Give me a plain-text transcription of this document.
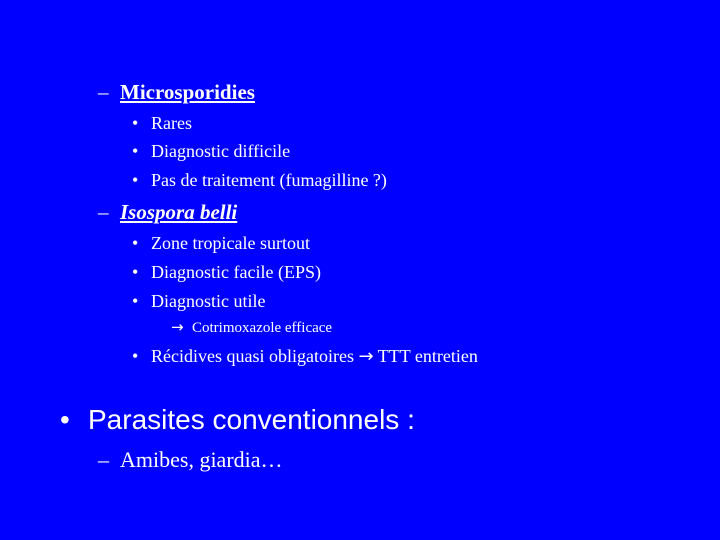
– Microsporidies
• Rares
• Diagnostic difficile
• Pas de traitement (fumagilline ?)
– Isospora belli
• Zone tropicale surtout
• Diagnostic facile (EPS)
• Diagnostic utile
→ Cotrimoxazole efficace
• Récidives quasi obligatoires → TTT entretien
• Parasites conventionnels :
– Amibes, giardia…
